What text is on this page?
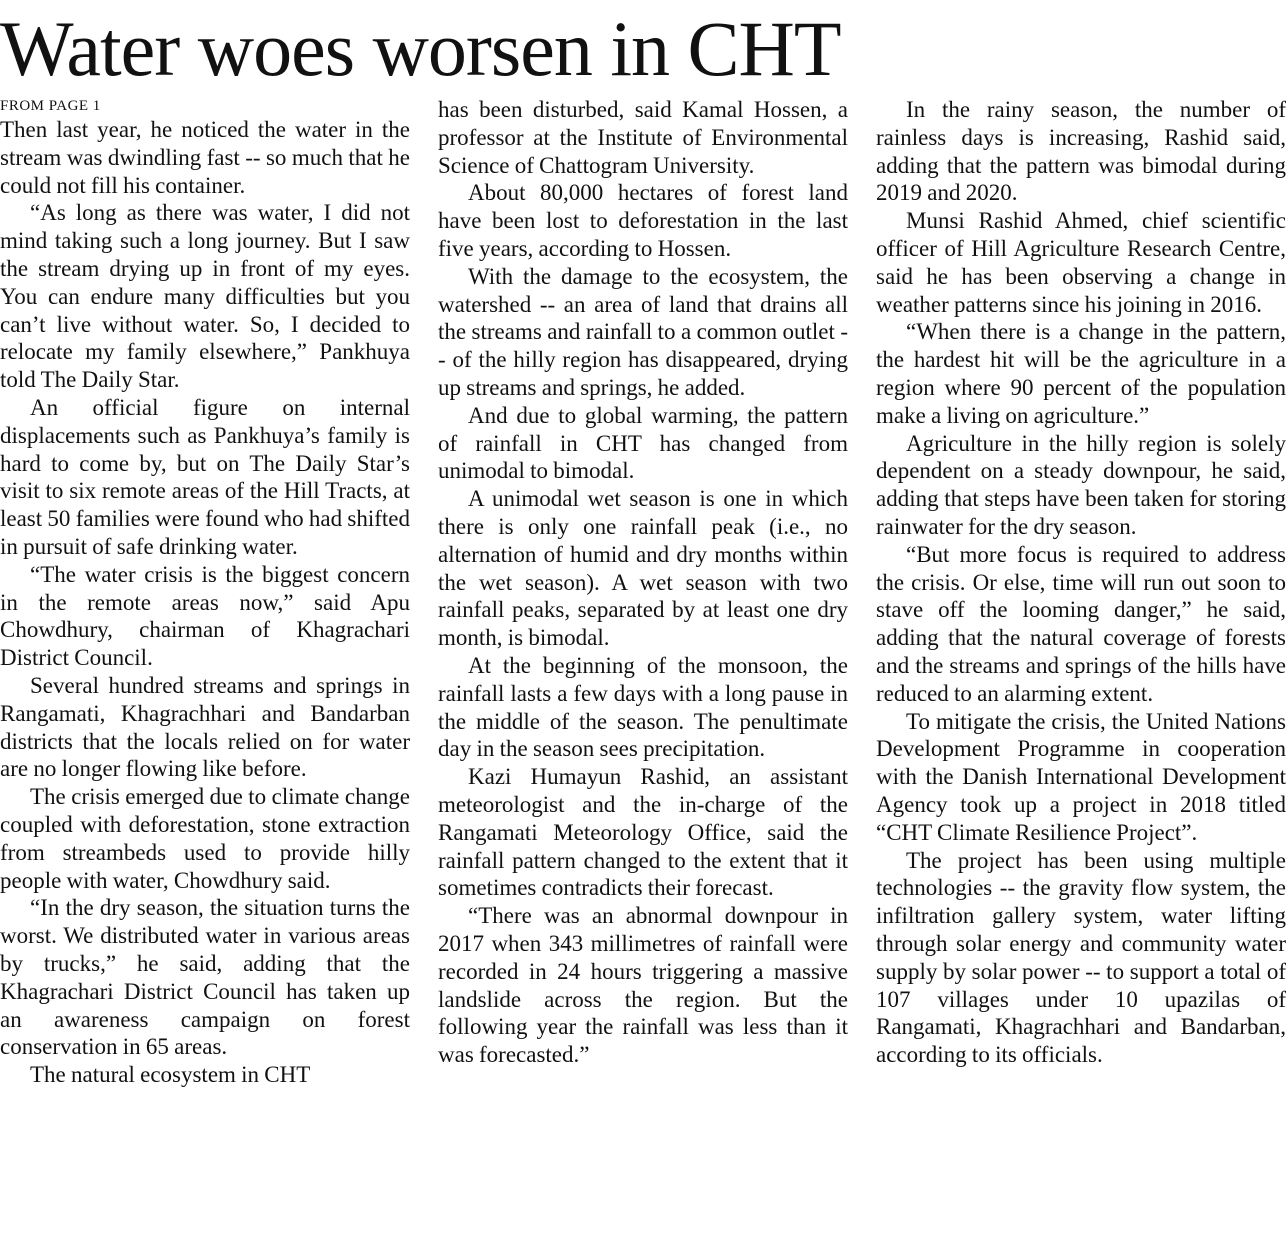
Water woes worsen in CHT
FROM PAGE 1

Then last year, he noticed the water in the stream was dwindling fast -- so much that he could not fill his container.

“As long as there was water, I did not mind taking such a long journey. But I saw the stream drying up in front of my eyes. You can endure many difficulties but you can’t live without water. So, I decided to relocate my family elsewhere,” Pankhuya told The Daily Star.

An official figure on internal displacements such as Pankhuya’s family is hard to come by, but on The Daily Star’s visit to six remote areas of the Hill Tracts, at least 50 families were found who had shifted in pursuit of safe drinking water.

“The water crisis is the biggest concern in the remote areas now,” said Apu Chowdhury, chairman of Khagrachari District Council.

Several hundred streams and springs in Rangamati, Khagrachhari and Bandarban districts that the locals relied on for water are no longer flowing like before.

The crisis emerged due to climate change coupled with deforestation, stone extraction from streambeds used to provide hilly people with water, Chowdhury said.

“In the dry season, the situation turns the worst. We distributed water in various areas by trucks,” he said, adding that the Khagrachari District Council has taken up an awareness campaign on forest conservation in 65 areas.

The natural ecosystem in CHT

has been disturbed, said Kamal Hossen, a professor at the Institute of Environmental Science of Chattogram University.

About 80,000 hectares of forest land have been lost to deforestation in the last five years, according to Hossen.

With the damage to the ecosystem, the watershed -- an area of land that drains all the streams and rainfall to a common outlet -- of the hilly region has disappeared, drying up streams and springs, he added.

And due to global warming, the pattern of rainfall in CHT has changed from unimodal to bimodal.

A unimodal wet season is one in which there is only one rainfall peak (i.e., no alternation of humid and dry months within the wet season). A wet season with two rainfall peaks, separated by at least one dry month, is bimodal.

At the beginning of the monsoon, the rainfall lasts a few days with a long pause in the middle of the season. The penultimate day in the season sees precipitation.

Kazi Humayun Rashid, an assistant meteorologist and the in-charge of the Rangamati Meteorology Office, said the rainfall pattern changed to the extent that it sometimes contradicts their forecast.

“There was an abnormal downpour in 2017 when 343 millimetres of rainfall were recorded in 24 hours triggering a massive landslide across the region. But the following year the rainfall was less than it was forecasted.”

In the rainy season, the number of rainless days is increasing, Rashid said, adding that the pattern was bimodal during 2019 and 2020.

Munsi Rashid Ahmed, chief scientific officer of Hill Agriculture Research Centre, said he has been observing a change in weather patterns since his joining in 2016.

“When there is a change in the pattern, the hardest hit will be the agriculture in a region where 90 percent of the population make a living on agriculture.”

Agriculture in the hilly region is solely dependent on a steady downpour, he said, adding that steps have been taken for storing rainwater for the dry season.

“But more focus is required to address the crisis. Or else, time will run out soon to stave off the looming danger,” he said, adding that the natural coverage of forests and the streams and springs of the hills have reduced to an alarming extent.

To mitigate the crisis, the United Nations Development Programme in cooperation with the Danish International Development Agency took up a project in 2018 titled “CHT Climate Resilience Project”.

The project has been using multiple technologies -- the gravity flow system, the infiltration gallery system, water lifting through solar energy and community water supply by solar power -- to support a total of 107 villages under 10 upazilas of Rangamati, Khagrachhari and Bandarban, according to its officials.
